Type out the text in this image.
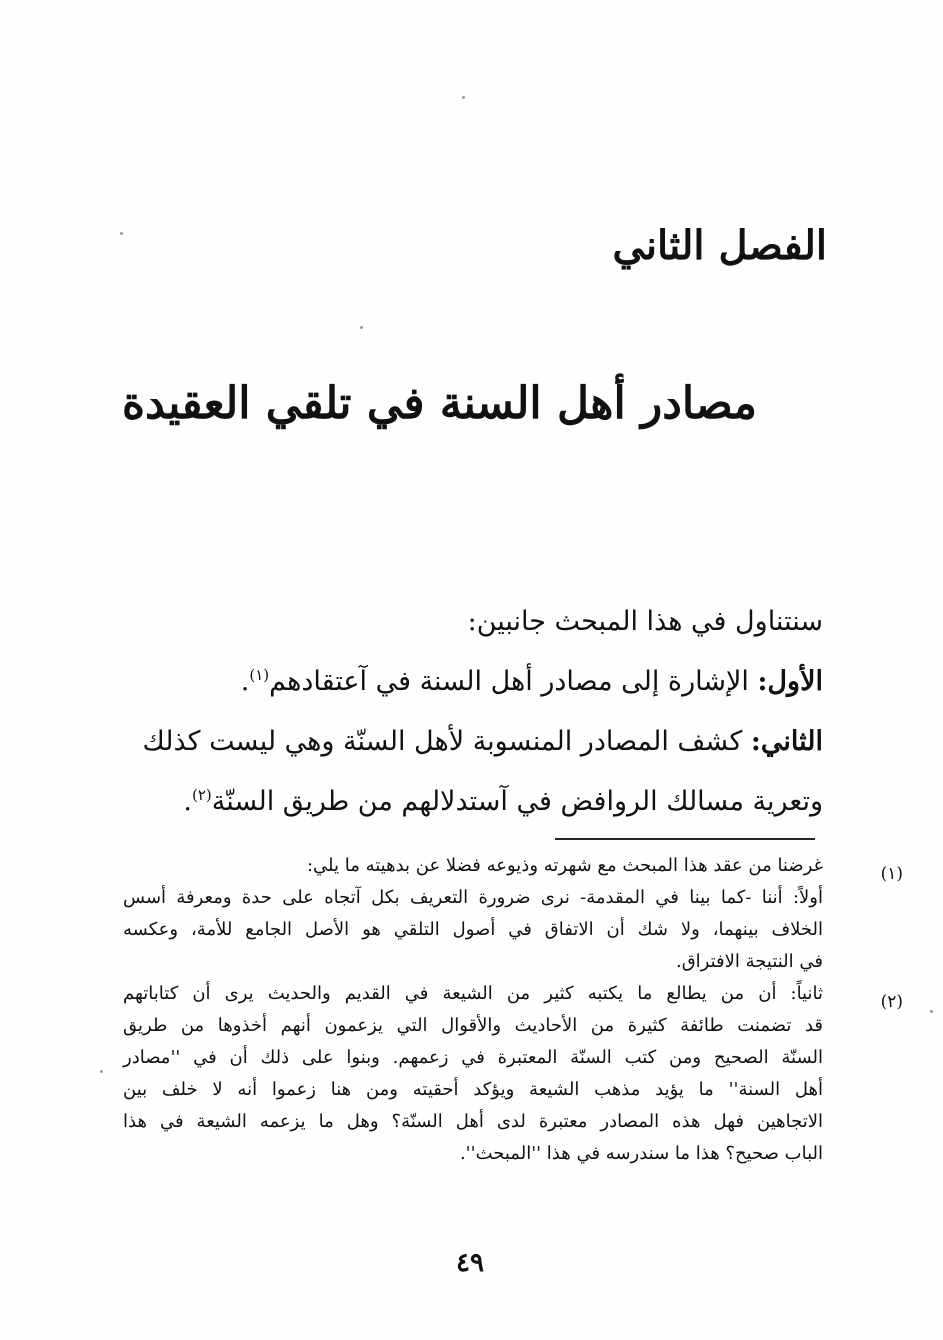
الفصل الثاني
مصادر أهل السنة في تلقي العقيدة

سنتناول في هذا المبحث جانبين:

الأول: الإشارة إلى مصادر أهل السنة في آعتقادهم$^{(١)}$.

الثاني: كشف المصادر المنسوبة لأهل السنّة وهي ليست كذلك

وتعرية مسالك الروافض في آستدلالهم من طريق السنّة$^{(٢)}$.

(١)
غرضنا من عقد هذا المبحث مع شهرته وذيوعه فضلا عن بدهيته ما يلي:
أولاً: أننا -كما بينا في المقدمة- نرى ضرورة التعريف بكل آتجاه على حدة ومعرفة أسس
الخلاف بينهما، ولا شك أن الاتفاق في أصول التلقي هو الأصل الجامع للأمة، وعكسه
في النتيجة الافتراق.
(٢)
ثانياً: أن من يطالع ما يكتبه كثير من الشيعة في القديم والحديث يرى أن كتاباتهم
قد تضمنت طائفة كثيرة من الأحاديث والأقوال التي يزعمون أنهم أخذوها من طريق
السنّة الصحيح ومن كتب السنّة المعتبرة في زعمهم. وبنوا على ذلك أن في ''مصادر
أهل السنة'' ما يؤيد مذهب الشيعة ويؤكد أحقيته ومن هنا زعموا أنه لا خلف بين
الاتجاهين فهل هذه المصادر معتبرة لدى أهل السنّة؟ وهل ما يزعمه الشيعة في هذا
الباب صحيح؟ هذا ما سندرسه في هذا ''المبحث''.
٤٩
